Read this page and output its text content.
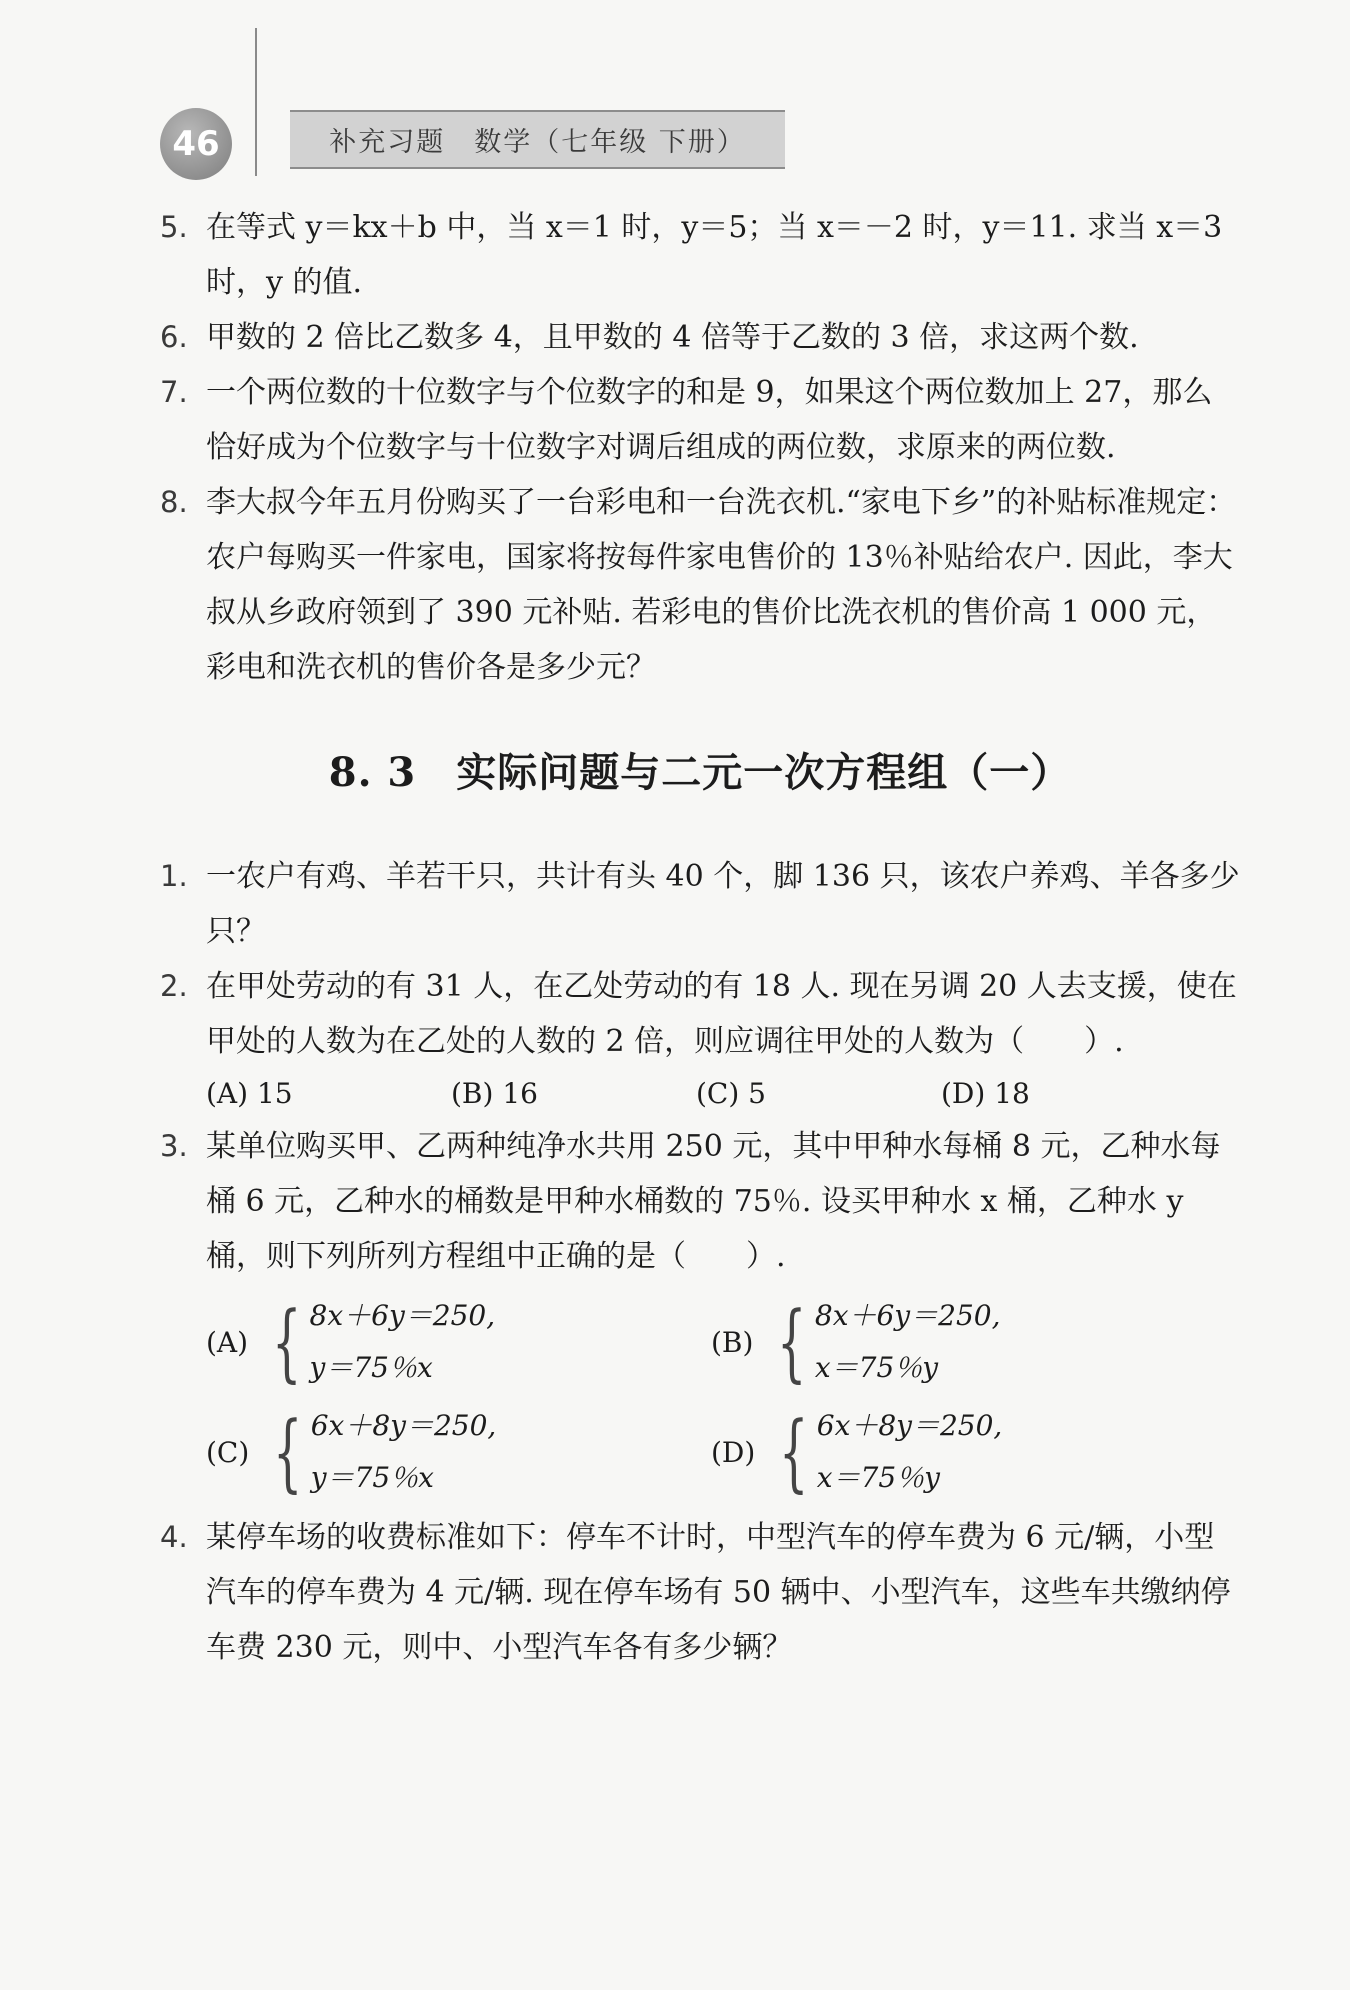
46	补充习题　数学（七年级 下册）

5. 在等式 y＝kx＋b 中，当 x＝1 时，y＝5；当 x＝－2 时，y＝11. 求当 x＝3 时，y 的值.

6. 甲数的 2 倍比乙数多 4，且甲数的 4 倍等于乙数的 3 倍，求这两个数.

7. 一个两位数的十位数字与个位数字的和是 9，如果这个两位数加上 27，那么恰好成为个位数字与十位数字对调后组成的两位数，求原来的两位数.

8. 李大叔今年五月份购买了一台彩电和一台洗衣机.“家电下乡”的补贴标准规定：农户每购买一件家电，国家将按每件家电售价的 13％补贴给农户. 因此，李大叔从乡政府领到了 390 元补贴. 若彩电的售价比洗衣机的售价高 1 000 元，彩电和洗衣机的售价各是多少元？

8. 3 实际问题与二元一次方程组（一）

1. 一农户有鸡、羊若干只，共计有头 40 个，脚 136 只，该农户养鸡、羊各多少只？

2. 在甲处劳动的有 31 人，在乙处劳动的有 18 人. 现在另调 20 人去支援，使在甲处的人数为在乙处的人数的 2 倍，则应调往甲处的人数为（　　）.

(A) 15	(B) 16	(C) 5	(D) 18

3. 某单位购买甲、乙两种纯净水共用 250 元，其中甲种水每桶 8 元，乙种水每桶 6 元，乙种水的桶数是甲种水桶数的 75％. 设买甲种水 x 桶，乙种水 y 桶，则下列所列方程组中正确的是（　　）.

(A) { 8x＋6y＝250,
y＝75％x
(B) { 8x＋6y＝250,
x＝75％y
(C) { 6x＋8y＝250,
y＝75％x
(D) { 6x＋8y＝250,
x＝75％y

4. 某停车场的收费标准如下：停车不计时，中型汽车的停车费为 6 元/辆，小型汽车的停车费为 4 元/辆. 现在停车场有 50 辆中、小型汽车，这些车共缴纳停车费 230 元，则中、小型汽车各有多少辆？
